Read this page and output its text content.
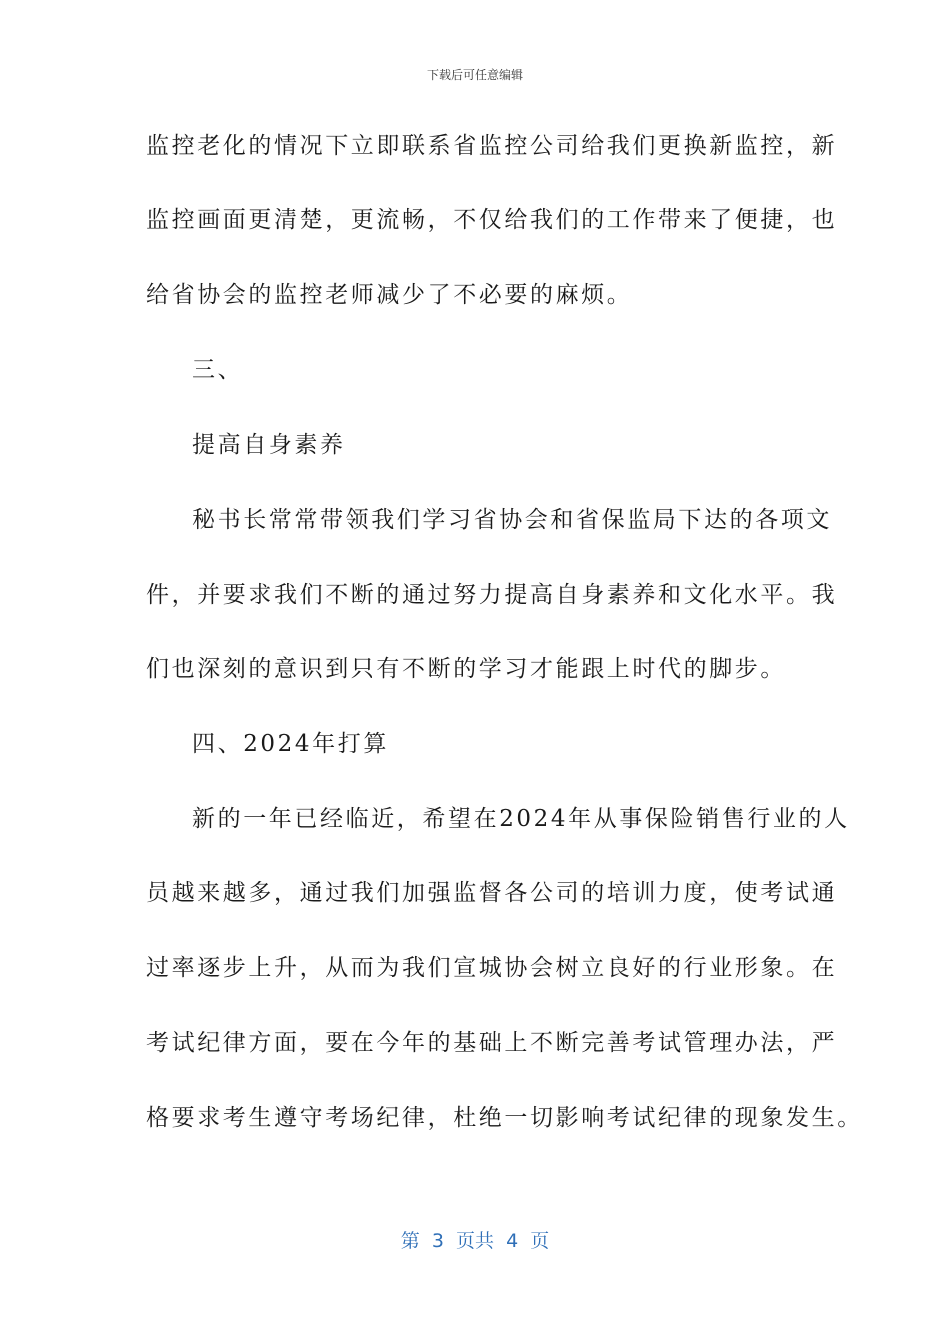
下载后可任意编辑
监控老化的情况下立即联系省监控公司给我们更换新监控，新
监控画面更清楚，更流畅，不仅给我们的工作带来了便捷，也
给省协会的监控老师减少了不必要的麻烦。
三、
提高自身素养
秘书长常常带领我们学习省协会和省保监局下达的各项文
件，并要求我们不断的通过努力提高自身素养和文化水平。我
们也深刻的意识到只有不断的学习才能跟上时代的脚步。
四、2024年打算
新的一年已经临近，希望在2024年从事保险销售行业的人
员越来越多，通过我们加强监督各公司的培训力度，使考试通
过率逐步上升，从而为我们宣城协会树立良好的行业形象。在
考试纪律方面，要在今年的基础上不断完善考试管理办法，严
格要求考生遵守考场纪律，杜绝一切影响考试纪律的现象发生。
第  3  页共  4  页
